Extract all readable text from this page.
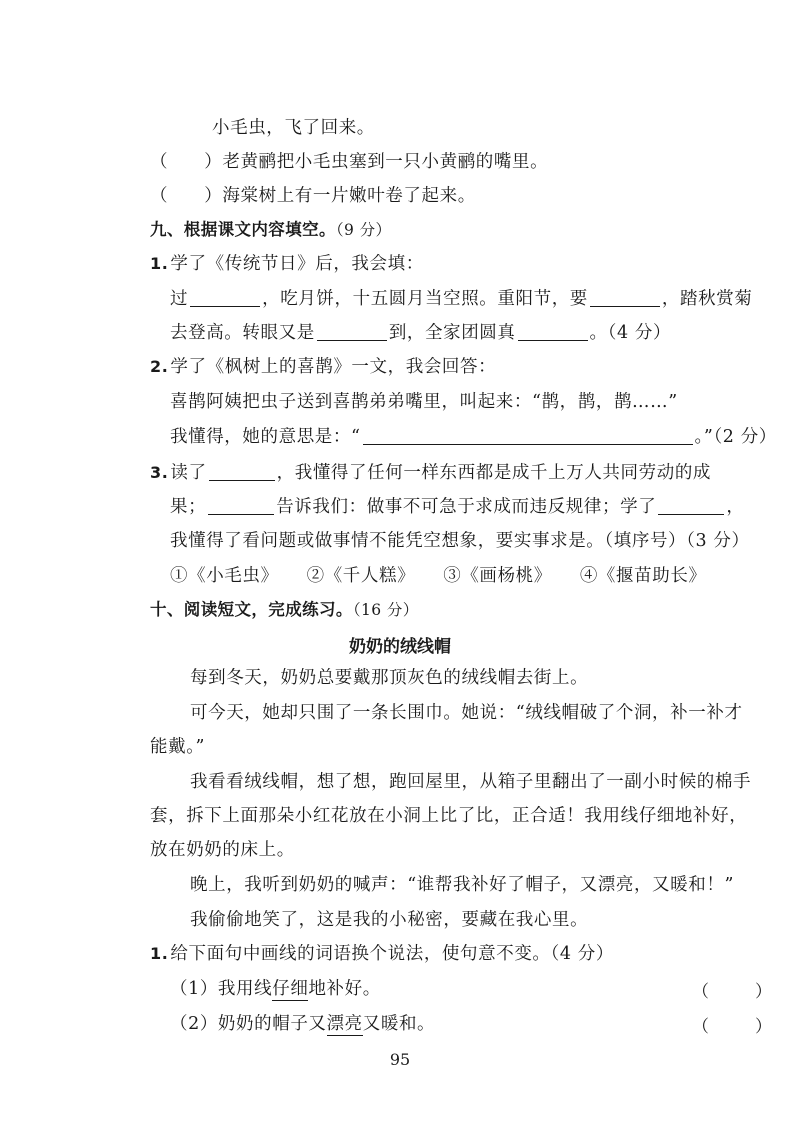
小毛虫，飞了回来。
（　　）老黄鹂把小毛虫塞到一只小黄鹂的嘴里。
（　　）海棠树上有一片嫩叶卷了起来。
九、根据课文内容填空。（9 分）
1. 学了《传统节日》后，我会填：
过	，吃月饼，十五圆月当空照。重阳节，要	，踏秋赏菊
去登高。转眼又是	到，全家团圆真	。（4 分）
2. 学了《枫树上的喜鹊》一文，我会回答：
喜鹊阿姨把虫子送到喜鹊弟弟嘴里，叫起来：“鹊，鹊，鹊……”
我懂得，她的意思是：“	。”（2 分）
3. 读了	，我懂得了任何一样东西都是成千上万人共同劳动的成
果；	告诉我们：做事不可急于求成而违反规律；学了	，
我懂得了看问题或做事情不能凭空想象，要实事求是。（填序号）（3 分）
①《小毛虫》 ②《千人糕》 ③《画杨桃》 ④《揠苗助长》
十、阅读短文，完成练习。（16 分）
奶奶的绒线帽
每到冬天，奶奶总要戴那顶灰色的绒线帽去街上。
可今天，她却只围了一条长围巾。她说：“绒线帽破了个洞，补一补才
能戴。”
我看看绒线帽，想了想，跑回屋里，从箱子里翻出了一副小时候的棉手
套，拆下上面那朵小红花放在小洞上比了比，正合适！我用线仔细地补好，
放在奶奶的床上。
晚上，我听到奶奶的喊声：“谁帮我补好了帽子，又漂亮，又暖和！”
我偷偷地笑了，这是我的小秘密，要藏在我心里。
1. 给下面句中画线的词语换个说法，使句意不变。（4 分）
（1）我用线仔细地补好。	（　　）
（2）奶奶的帽子又漂亮又暖和。	（　　）
95
